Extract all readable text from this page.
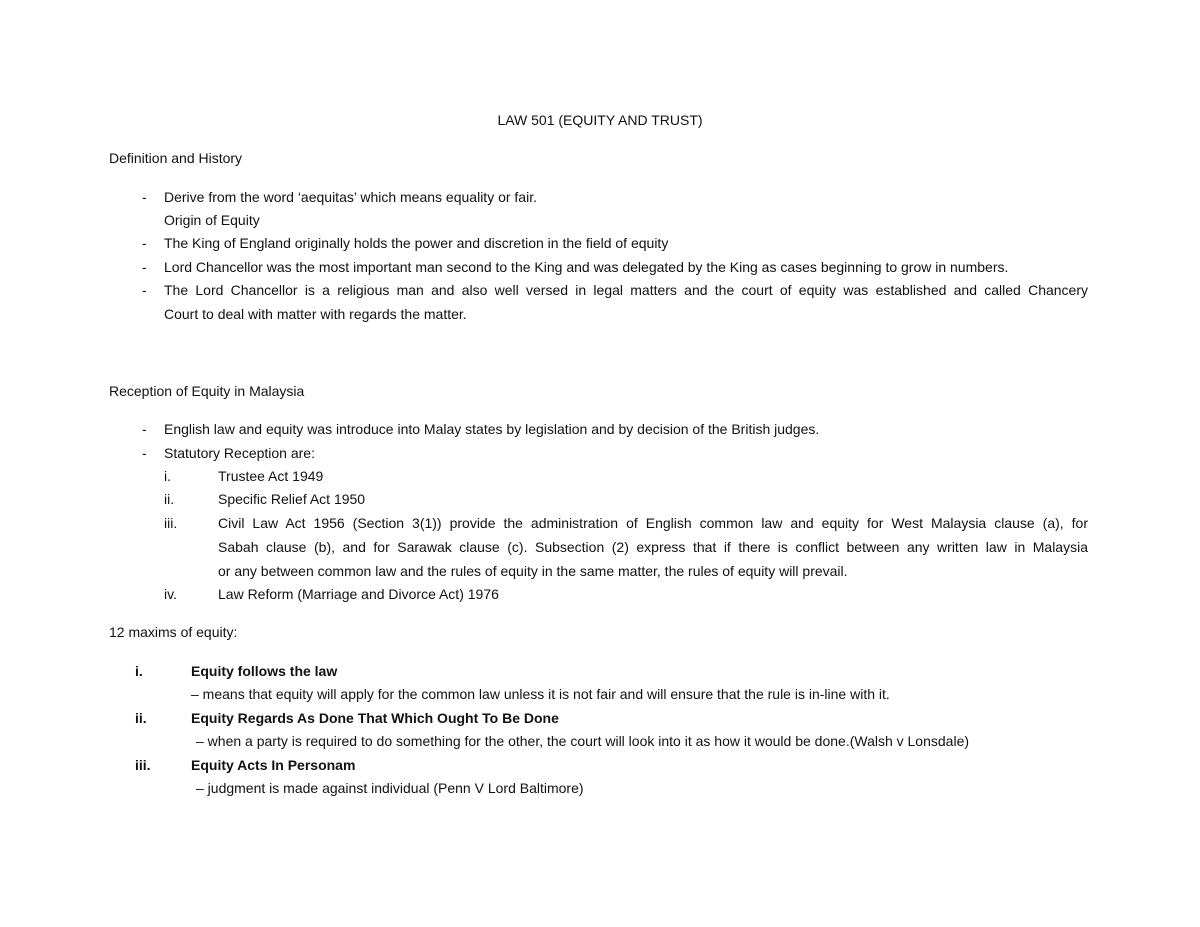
LAW 501 (EQUITY AND TRUST)
Definition and History
- Derive from the word ‘aequitas’ which means equality or fair.
Origin of Equity
- The King of England originally holds the power and discretion in the field of equity
- Lord Chancellor was the most important man second to the King and was delegated by the King as cases beginning to grow in numbers.
- The Lord Chancellor is a religious man and also well versed in legal matters and the court of equity was established and called Chancery
Court to deal with matter with regards the matter.
Reception of Equity in Malaysia
- English law and equity was introduce into Malay states by legislation and by decision of the British judges.
- Statutory Reception are:
i.	Trustee Act 1949
ii.	Specific Relief Act 1950
iii.	Civil Law Act 1956 (Section 3(1)) provide the administration of English common law and equity for West Malaysia clause (a), for
Sabah clause (b), and for Sarawak clause (c). Subsection (2) express that if there is conflict between any written law in Malaysia
or any between common law and the rules of equity in the same matter, the rules of equity will prevail.
iv.	Law Reform (Marriage and Divorce Act) 1976
12 maxims of equity:
i.	Equity follows the law
– means that equity will apply for the common law unless it is not fair and will ensure that the rule is in-line with it.
ii.	Equity Regards As Done That Which Ought To Be Done
– when a party is required to do something for the other, the court will look into it as how it would be done.(Walsh v Lonsdale)
iii.	Equity Acts In Personam
– judgment is made against individual (Penn V Lord Baltimore)
